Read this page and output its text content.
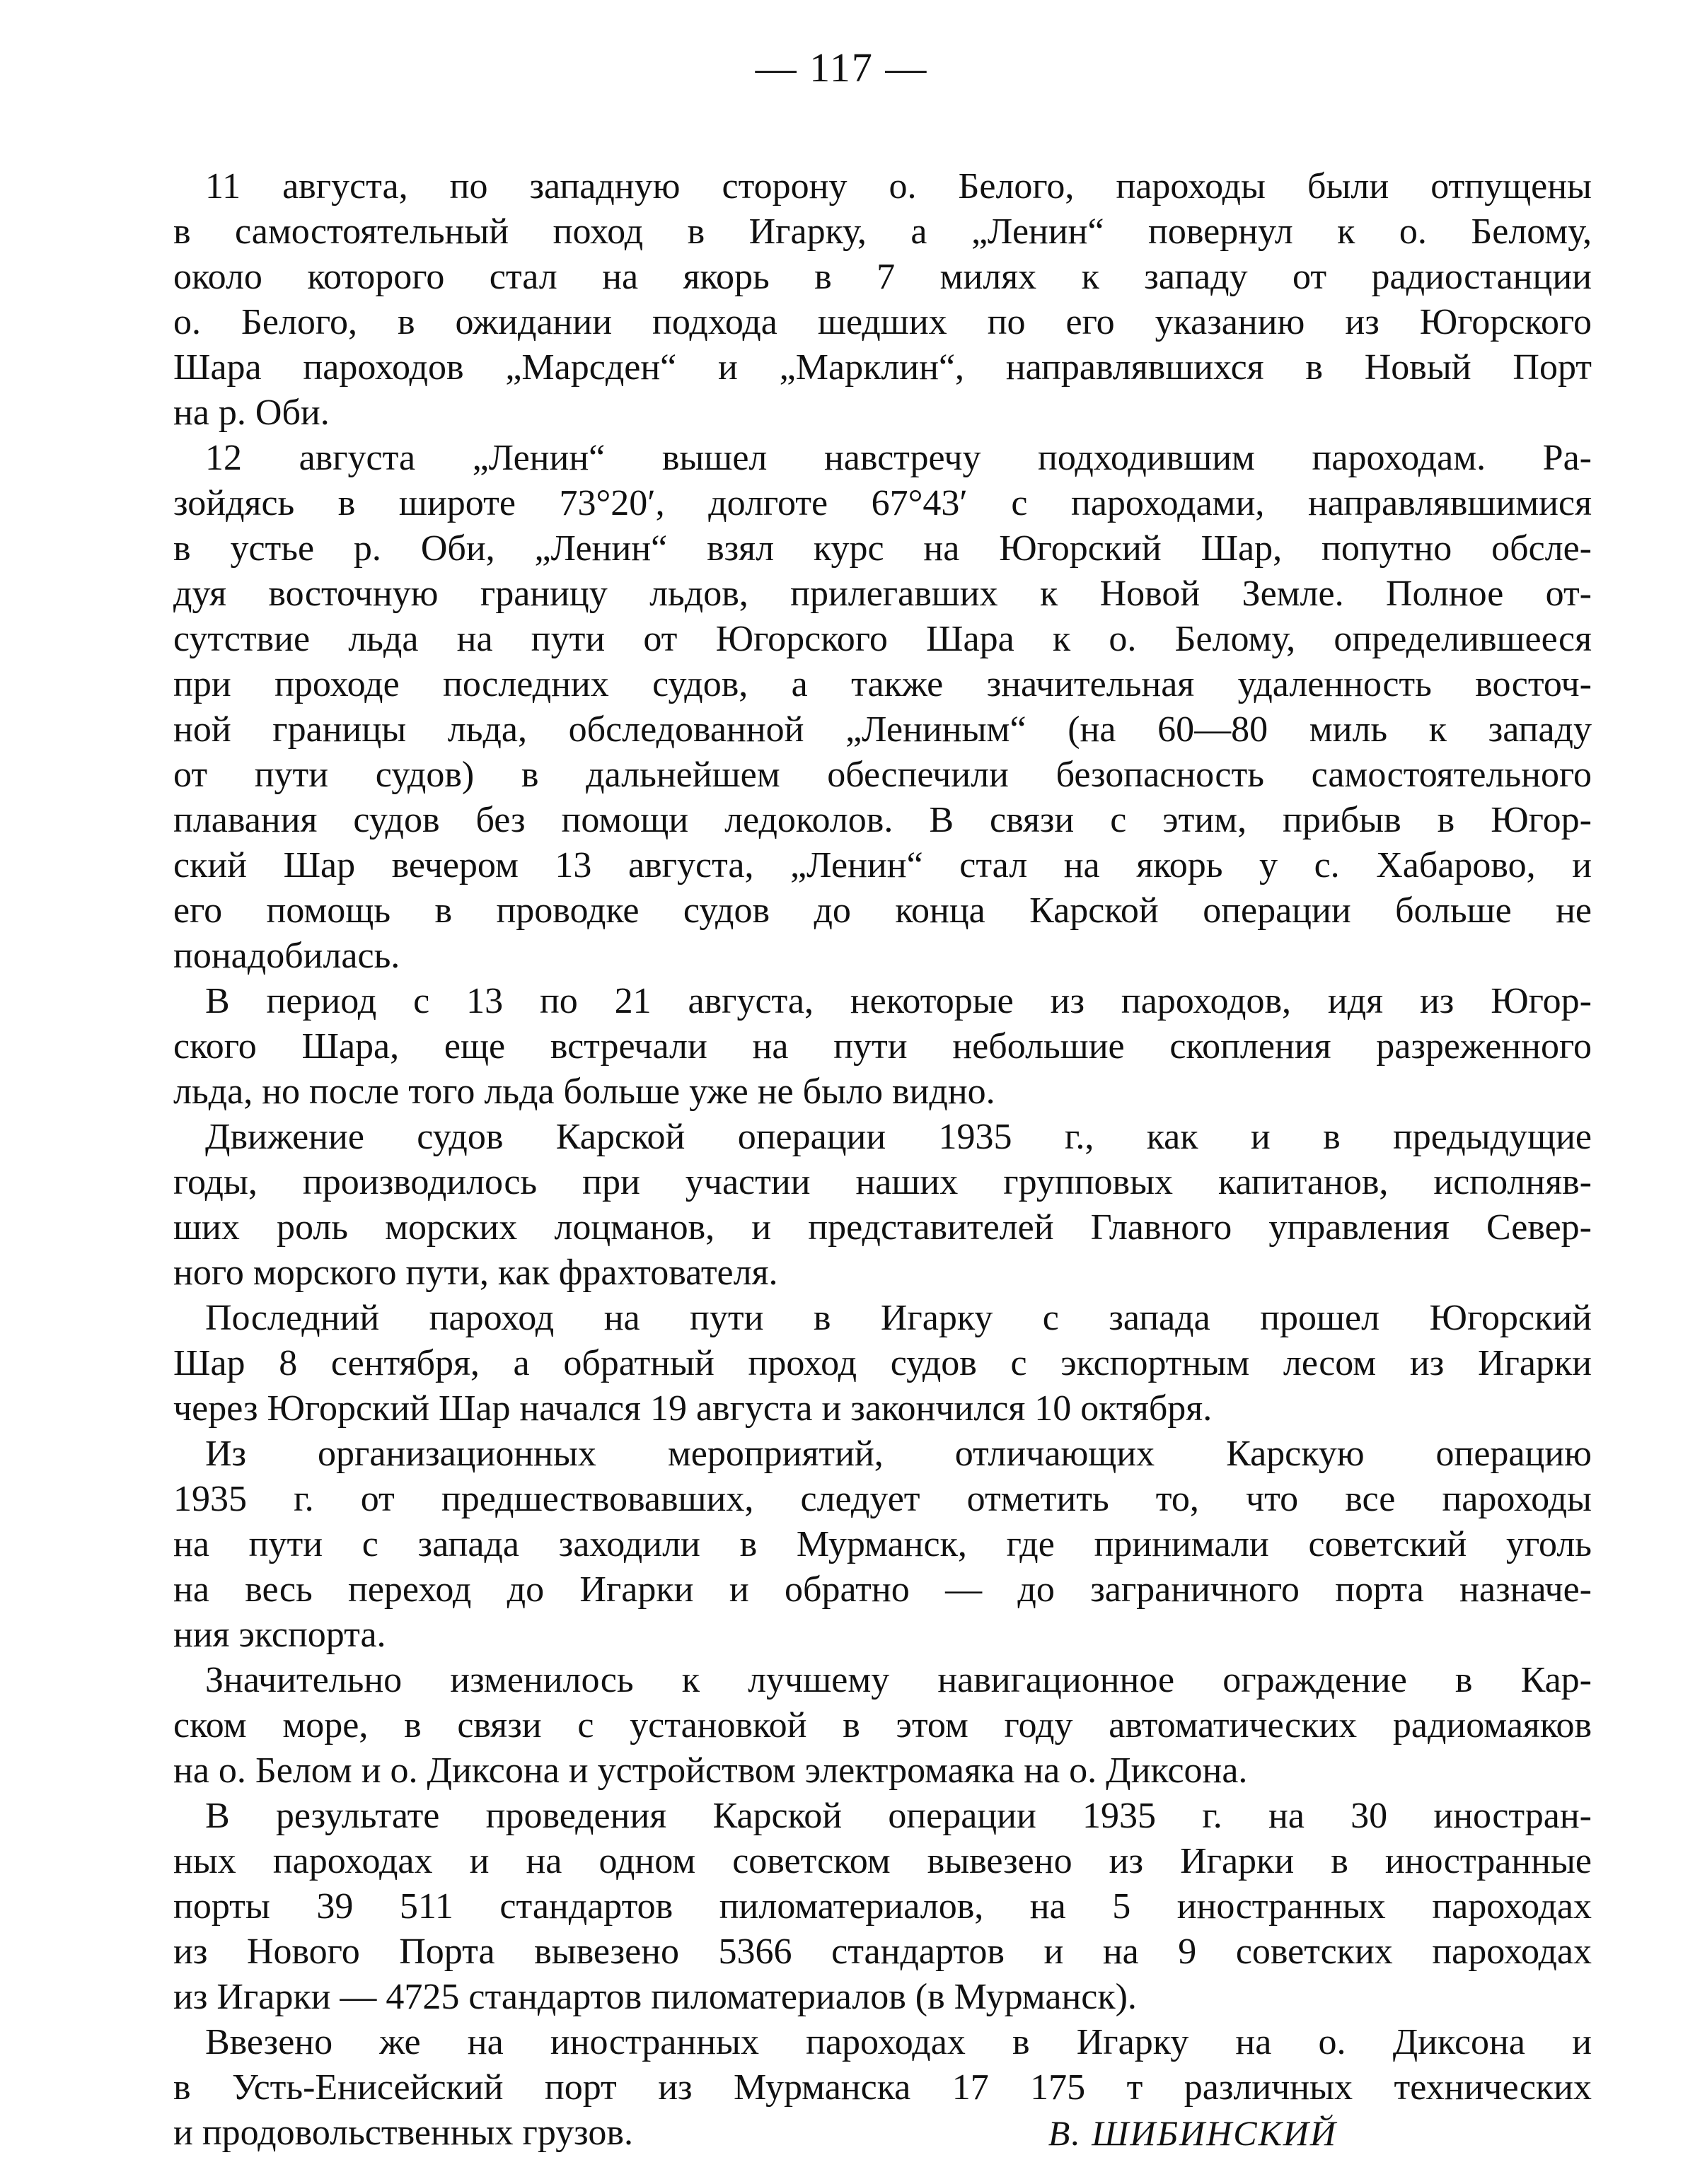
— 117 —
11 августа, по западную сторону о. Белого, пароходы были отпущены
в самостоятельный поход в Игарку, а „Ленин“ повернул к о. Белому,
около которого стал на якорь в 7 милях к западу от радиостанции
о. Белого, в ожидании подхода шедших по его указанию из Югорского
Шара пароходов „Марсден“ и „Марклин“, направлявшихся в Новый Порт
на р. Оби.
12 августа „Ленин“ вышел навстречу подходившим пароходам. Ра-
зойдясь в широте 73°20′, долготе 67°43′ с пароходами, направлявшимися
в устье р. Оби, „Ленин“ взял курс на Югорский Шар, попутно обсле-
дуя восточную границу льдов, прилегавших к Новой Земле. Полное от-
сутствие льда на пути от Югорского Шара к о. Белому, определившееся
при проходе последних судов, а также значительная удаленность восточ-
ной границы льда, обследованной „Лениным“ (на 60—80 миль к западу
от пути судов) в дальнейшем обеспечили безопасность самостоятельного
плавания судов без помощи ледоколов. В связи с этим, прибыв в Югор-
ский Шар вечером 13 августа, „Ленин“ стал на якорь у с. Хабарово, и
его помощь в проводке судов до конца Карской операции больше не
понадобилась.
В период с 13 по 21 августа, некоторые из пароходов, идя из Югор-
ского Шара, еще встречали на пути небольшие скопления разреженного
льда, но после того льда больше уже не было видно.
Движение судов Карской операции 1935 г., как и в предыдущие
годы, производилось при участии наших групповых капитанов, исполняв-
ших роль морских лоцманов, и представителей Главного управления Север-
ного морского пути, как фрахтователя.
Последний пароход на пути в Игарку с запада прошел Югорский
Шар 8 сентября, а обратный проход судов с экспортным лесом из Игарки
через Югорский Шар начался 19 августа и закончился 10 октября.
Из организационных мероприятий, отличающих Карскую операцию
1935 г. от предшествовавших, следует отметить то, что все пароходы
на пути с запада заходили в Мурманск, где принимали советский уголь
на весь переход до Игарки и обратно — до заграничного порта назначе-
ния экспорта.
Значительно изменилось к лучшему навигационное ограждение в Кар-
ском море, в связи с установкой в этом году автоматических радиомаяков
на о. Белом и о. Диксона и устройством электромаяка на о. Диксона.
В результате проведения Карской операции 1935 г. на 30 иностран-
ных пароходах и на одном советском вывезено из Игарки в иностранные
порты 39 511 стандартов пиломатериалов, на 5 иностранных пароходах
из Нового Порта вывезено 5366 стандартов и на 9 советских пароходах
из Игарки — 4725 стандартов пиломатериалов (в Мурманск).
Ввезено же на иностранных пароходах в Игарку на о. Диксона и
в Усть-Енисейский порт из Мурманска 17 175 т различных технических
и продовольственных грузов.	В. ШИБИНСКИЙ
